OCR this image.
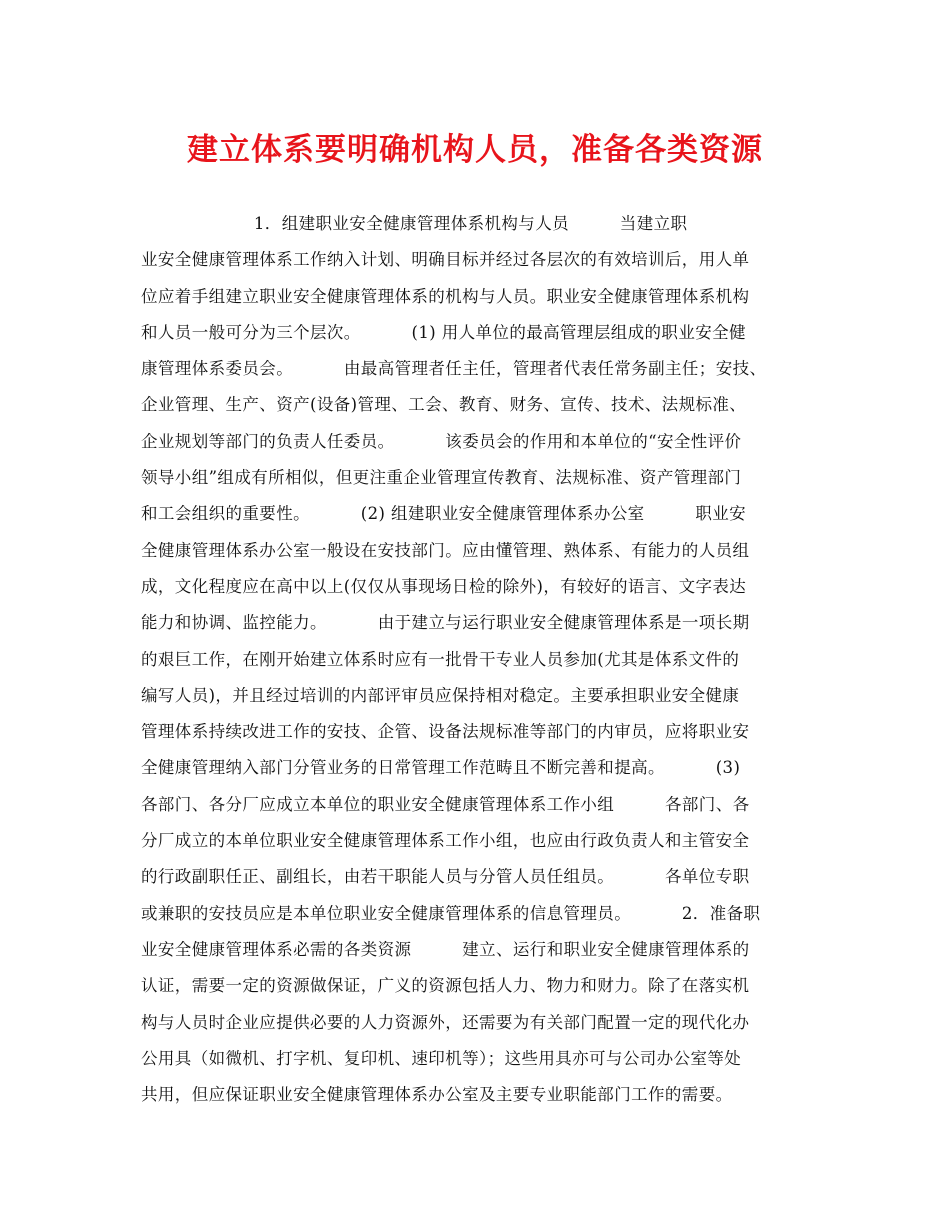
建立体系要明确机构人员，准备各类资源
1．组建职业安全健康管理体系机构与人员         当建立职
业安全健康管理体系工作纳入计划、明确目标并经过各层次的有效培训后，用人单
位应着手组建立职业安全健康管理体系的机构与人员。职业安全健康管理体系机构
和人员一般可分为三个层次。         (1) 用人单位的最高管理层组成的职业安全健
康管理体系委员会。         由最高管理者任主任，管理者代表任常务副主任；安技、
企业管理、生产、资产(设备)管理、工会、教育、财务、宣传、技术、法规标准、
企业规划等部门的负责人任委员。         该委员会的作用和本单位的“安全性评价
领导小组”组成有所相似，但更注重企业管理宣传教育、法规标准、资产管理部门
和工会组织的重要性。         (2) 组建职业安全健康管理体系办公室         职业安
全健康管理体系办公室一般设在安技部门。应由懂管理、熟体系、有能力的人员组
成，文化程度应在高中以上(仅仅从事现场日检的除外)，有较好的语言、文字表达
能力和协调、监控能力。         由于建立与运行职业安全健康管理体系是一项长期
的艰巨工作，在刚开始建立体系时应有一批骨干专业人员参加(尤其是体系文件的
编写人员)，并且经过培训的内部评审员应保持相对稳定。主要承担职业安全健康
管理体系持续改进工作的安技、企管、设备法规标准等部门的内审员，应将职业安
全健康管理纳入部门分管业务的日常管理工作范畴且不断完善和提高。         (3)
各部门、各分厂应成立本单位的职业安全健康管理体系工作小组         各部门、各
分厂成立的本单位职业安全健康管理体系工作小组，也应由行政负责人和主管安全
的行政副职任正、副组长，由若干职能人员与分管人员任组员。         各单位专职
或兼职的安技员应是本单位职业安全健康管理体系的信息管理员。         2．准备职
业安全健康管理体系必需的各类资源         建立、运行和职业安全健康管理体系的
认证，需要一定的资源做保证，广义的资源包括人力、物力和财力。除了在落实机
构与人员时企业应提供必要的人力资源外，还需要为有关部门配置一定的现代化办
公用具（如微机、打字机、复印机、速印机等）；这些用具亦可与公司办公室等处
共用，但应保证职业安全健康管理体系办公室及主要专业职能部门工作的需要。
